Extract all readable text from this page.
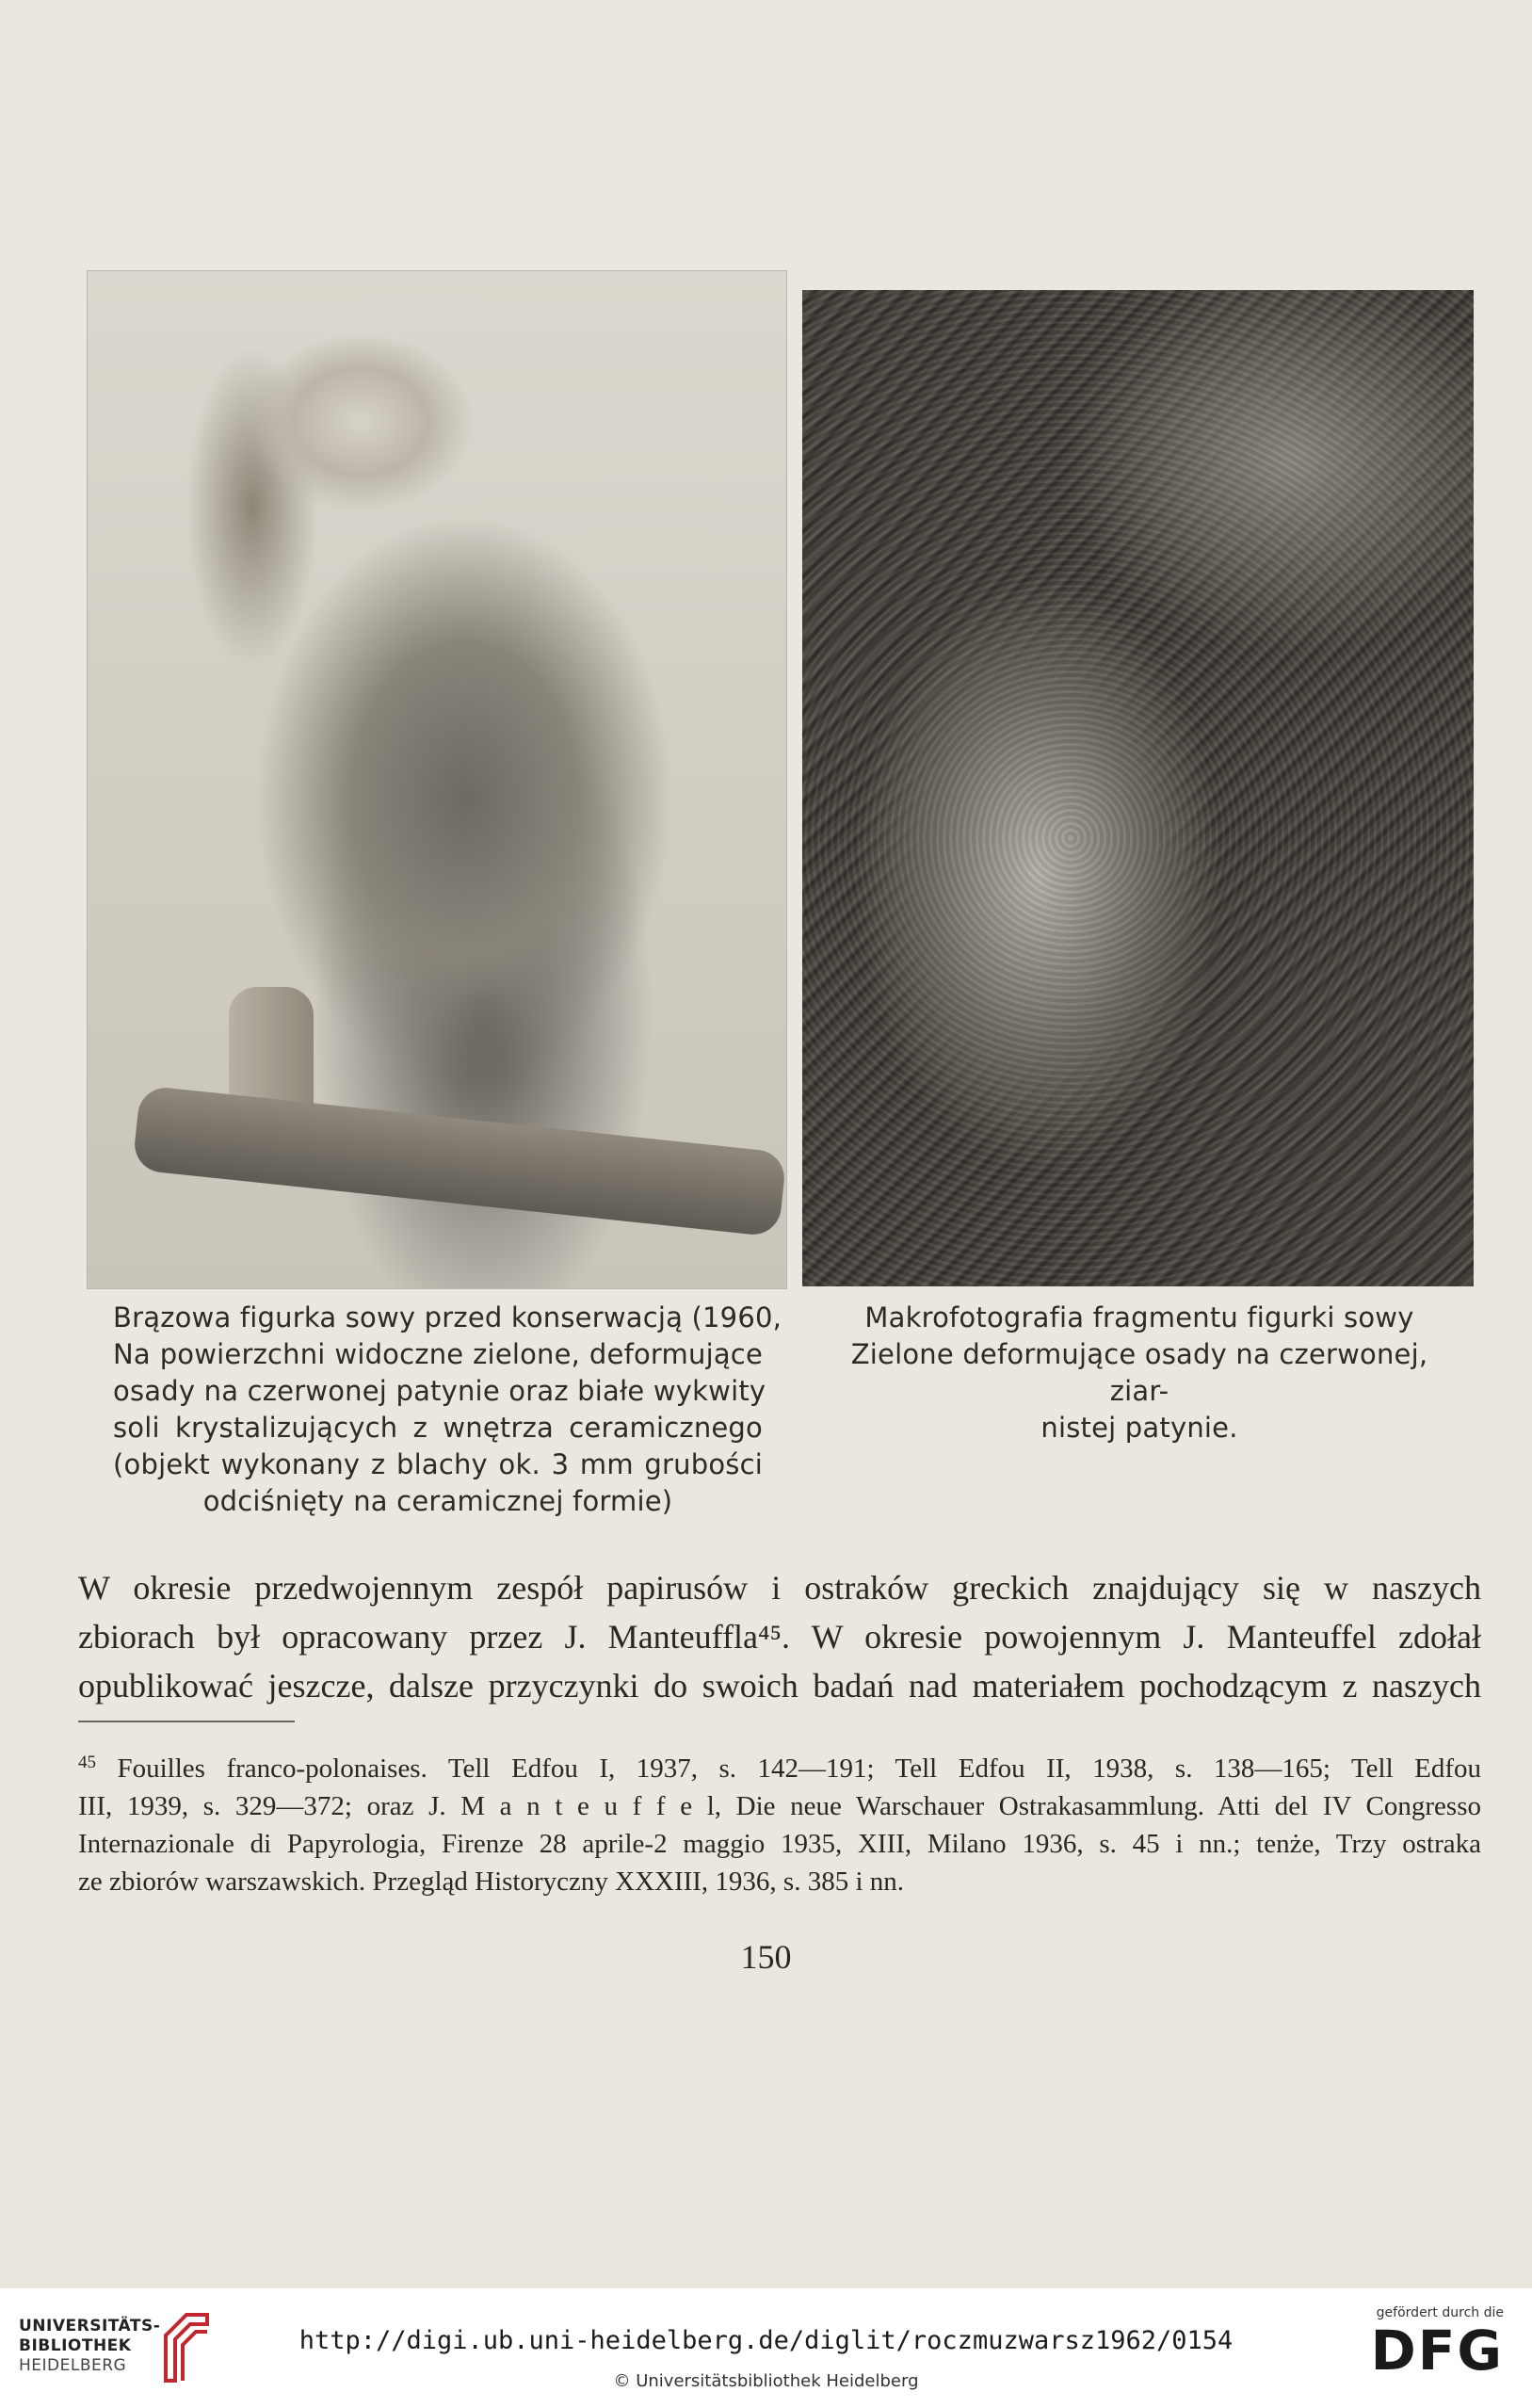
Brązowa figurka sowy przed konserwacją (1960,
Na powierzchni widoczne zielone, deformujące
osady na czerwonej patynie oraz białe wykwity
soli krystalizujących z wnętrza ceramicznego
(objekt wykonany z blachy ok. 3 mm grubości
odciśnięty na ceramicznej formie)
Makrofotografia fragmentu figurki sowy
Zielone deformujące osady na czerwonej, ziar-
nistej patynie.
W okresie przedwojennym zespół papirusów i ostraków greckich znajdujący się w naszych
zbiorach był opracowany przez J. Manteuffla⁴⁵. W okresie powojennym J. Manteuffel zdołał
opublikować jeszcze, dalsze przyczynki do swoich badań nad materiałem pochodzącym z naszych
$^{45}$ Fouilles franco-polonaises. Tell Edfou I, 1937, s. 142—191; Tell Edfou II, 1938, s. 138—165; Tell Edfou
III, 1939, s. 329—372; oraz J. M a n t e u f f e l, Die neue Warschauer Ostrakasammlung. Atti del IV Congresso
Internazionale di Papyrologia, Firenze 28 aprile-2 maggio 1935, XIII, Milano 1936, s. 45 i nn.; tenże, Trzy ostraka
ze zbiorów warszawskich. Przegląd Historyczny XXXIII, 1936, s. 385 i nn.
150
UNIVERSITÄTS-
BIBLIOTHEK
HEIDELBERG
http://digi.ub.uni-heidelberg.de/diglit/roczmuzwarsz1962/0154
© Universitätsbibliothek Heidelberg
gefördert durch die
DFG
